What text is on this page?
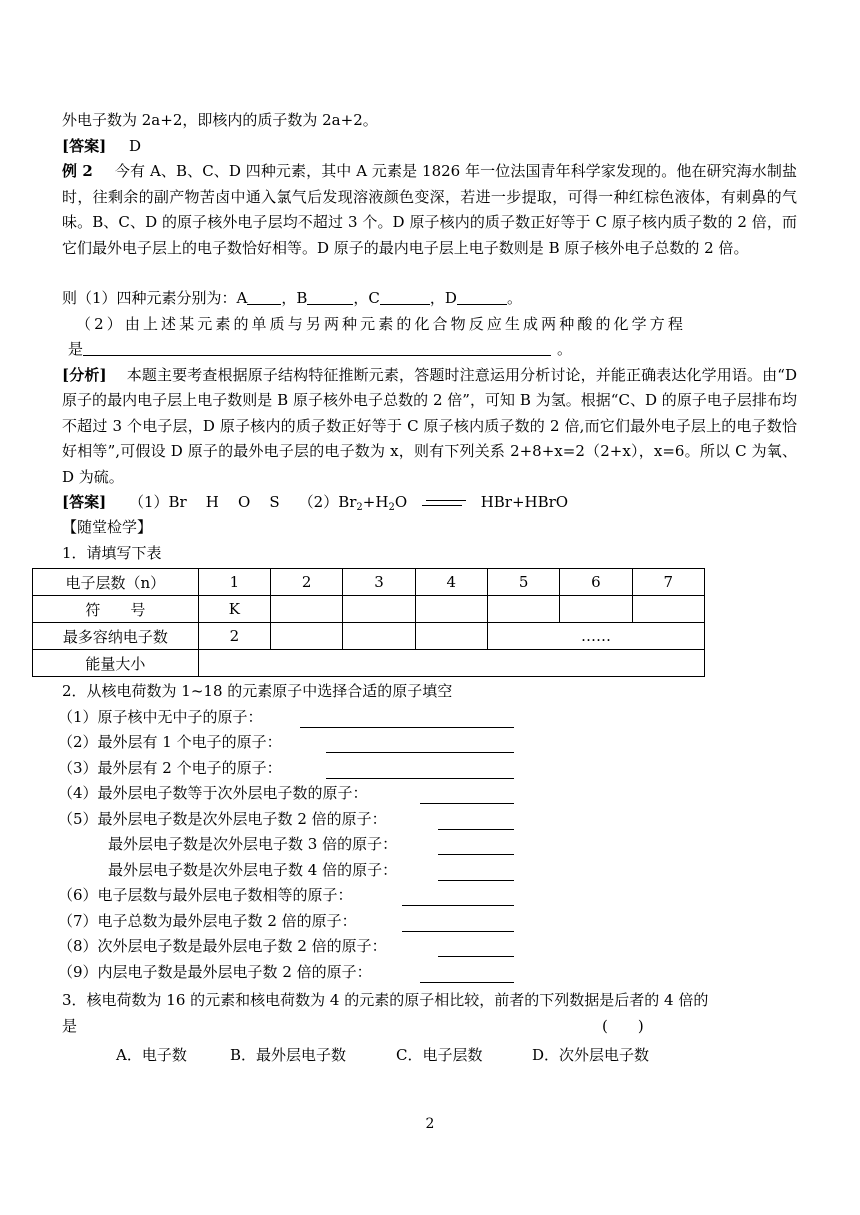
外电子数为 2a+2，即核内的质子数为 2a+2。
[答案] D
例 2 今有 A、B、C、D 四种元素，其中 A 元素是 1826 年一位法国青年科学家发现的。他在研究海水制盐时，往剩余的副产物苦卤中通入氯气后发现溶液颜色变深，若进一步提取，可得一种红棕色液体，有刺鼻的气味。B、C、D 的原子核外电子层均不超过 3 个。D 原子核内的质子数正好等于 C 原子核内质子数的 2 倍，而它们最外电子层上的电子数恰好相等。D 原子的最内电子层上电子数则是 B 原子核外电子总数的 2 倍。
则（1）四种元素分别为：A ，B	，C	，D	。
（2）由上述某元素的单质与另两种元素的化合物反应生成两种酸的化学方程
是	。
[分析] 本题主要考查根据原子结构特征推断元素，答题时注意运用分析讨论，并能正确表达化学用语。由“D 原子的最内电子层上电子数则是 B 原子核外电子总数的 2 倍”，可知 B 为氢。根据“C、D 的原子电子层排布均不超过 3 个电子层，D 原子核内的质子数正好等于 C 原子核内质子数的 2 倍,而它们最外电子层上的电子数恰好相等”,可假设 D 原子的最外电子层的电子数为 x，则有下列关系 2+8+x=2（2+x），x=6。所以 C 为氧、D 为硫。
[答案] （1）Br    H    O    S    $(2)Br_2+H_2O$	HBr+HBrO
【随堂检学】
1．请填写下表
电子层数（n）	1	2	3	4	5	6	7
符　　号	K						
最多容纳电子数	2				……		
能量大小							
2．从核电荷数为 1~18 的元素原子中选择合适的原子填空
（1）原子核中无中子的原子：
（2）最外层有 1 个电子的原子：
（3）最外层有 2 个电子的原子：
（4）最外层电子数等于次外层电子数的原子：
（5）最外层电子数是次外层电子数 2 倍的原子：
最外层电子数是次外层电子数 3 倍的原子：
最外层电子数是次外层电子数 4 倍的原子：
（6）电子层数与最外层电子数相等的原子：
（7）电子总数为最外层电子数 2 倍的原子：
（8）次外层电子数是最外层电子数 2 倍的原子：
（9）内层电子数是最外层电子数 2 倍的原子：
3．核电荷数为 16 的元素和核电荷数为 4 的元素的原子相比较，前者的下列数据是后者的 4 倍的
是	(　　)
A．电子数	B．最外层电子数	C．电子层数	D．次外层电子数
2
